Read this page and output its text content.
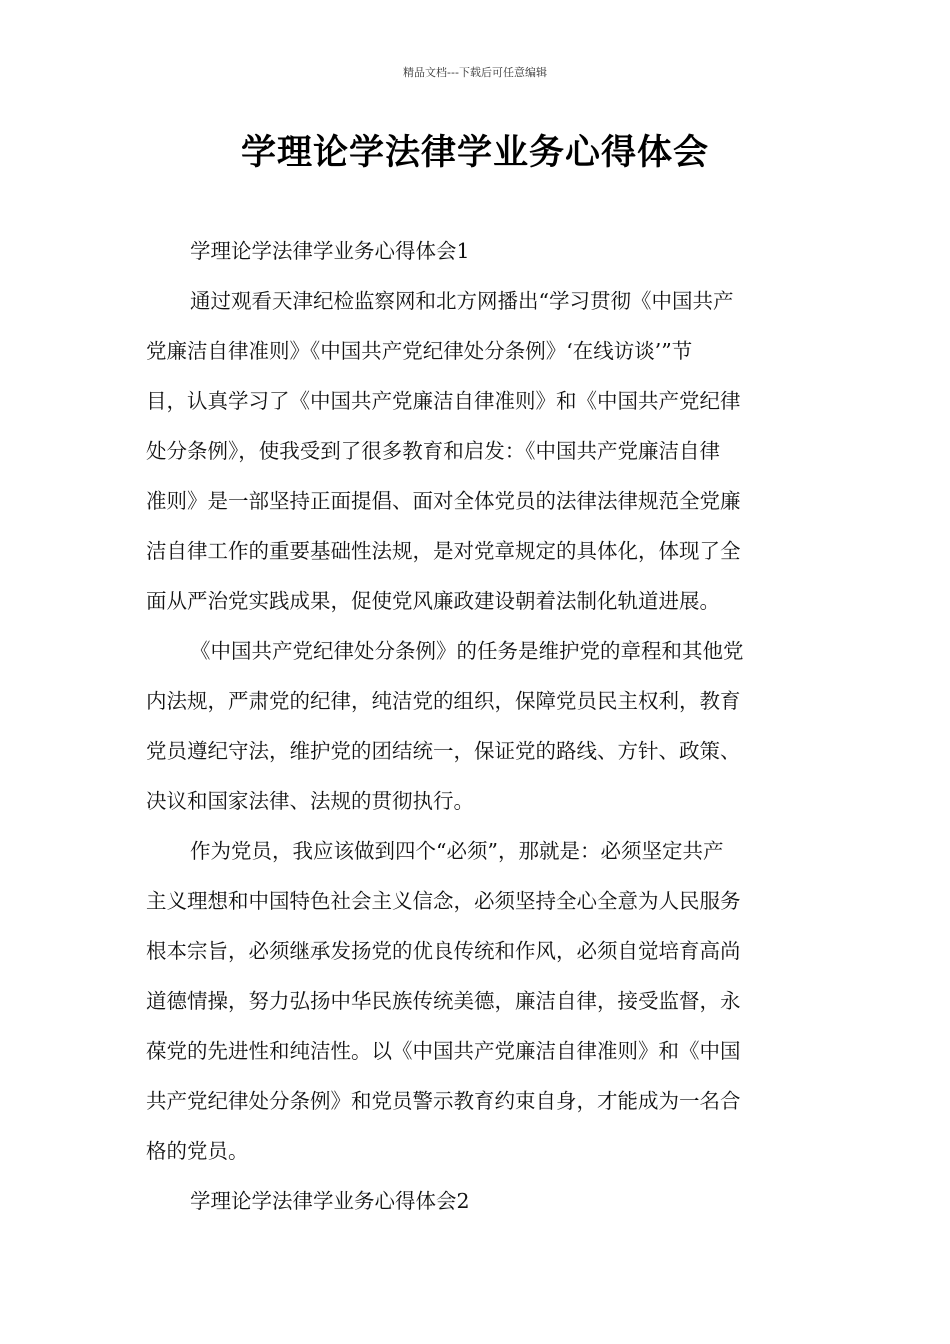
精品文档---下载后可任意编辑
学理论学法律学业务心得体会
学理论学法律学业务心得体会1
通过观看天津纪检监察网和北方网播出“学习贯彻《中国共产
党廉洁自律准则》《中国共产党纪律处分条例》‘在线访谈’”节
目，认真学习了《中国共产党廉洁自律准则》和《中国共产党纪律
处分条例》，使我受到了很多教育和启发：《中国共产党廉洁自律
准则》是一部坚持正面提倡、面对全体党员的法律法律规范全党廉
洁自律工作的重要基础性法规，是对党章规定的具体化，体现了全
面从严治党实践成果，促使党风廉政建设朝着法制化轨道进展。
《中国共产党纪律处分条例》的任务是维护党的章程和其他党
内法规，严肃党的纪律，纯洁党的组织，保障党员民主权利，教育
党员遵纪守法，维护党的团结统一，保证党的路线、方针、政策、
决议和国家法律、法规的贯彻执行。
作为党员，我应该做到四个“必须”，那就是：必须坚定共产
主义理想和中国特色社会主义信念，必须坚持全心全意为人民服务
根本宗旨，必须继承发扬党的优良传统和作风，必须自觉培育高尚
道德情操，努力弘扬中华民族传统美德，廉洁自律，接受监督，永
葆党的先进性和纯洁性。以《中国共产党廉洁自律准则》和《中国
共产党纪律处分条例》和党员警示教育约束自身，才能成为一名合
格的党员。
学理论学法律学业务心得体会2
